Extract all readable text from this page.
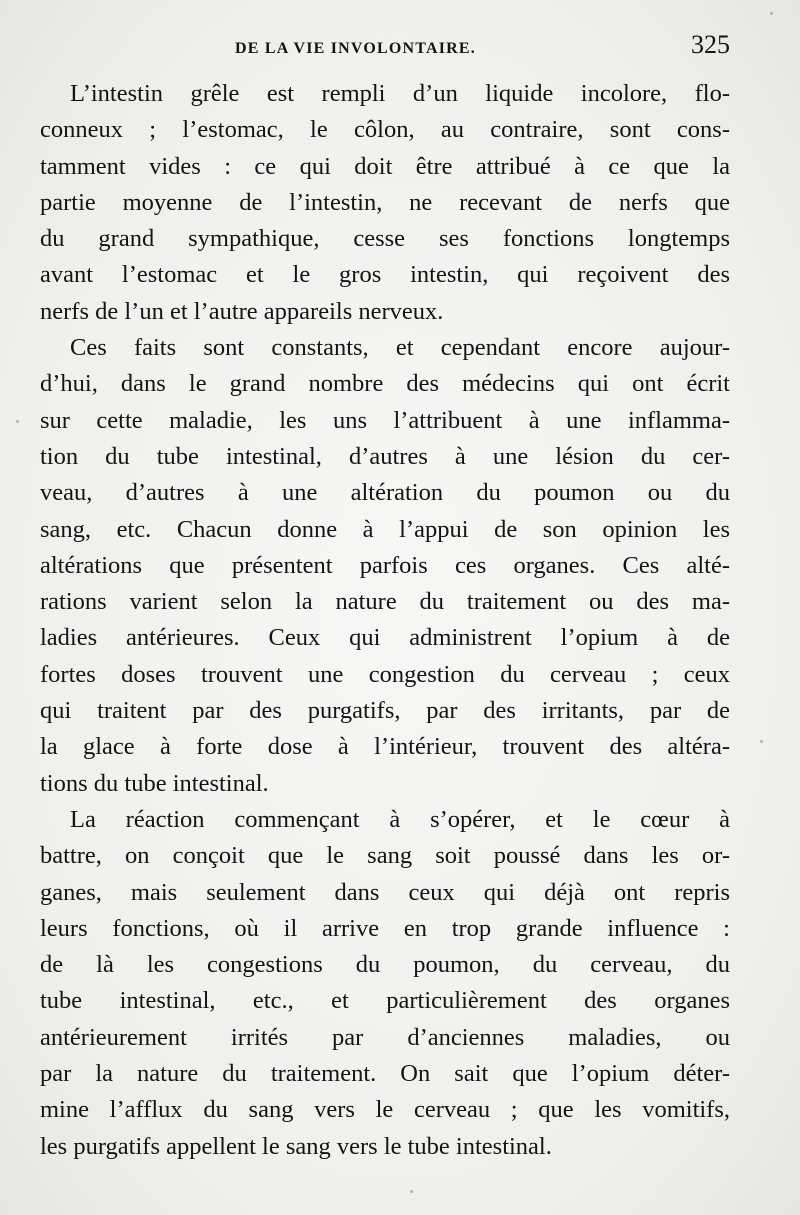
DE LA VIE INVOLONTAIRE.	325
L’intestin grêle est rempli d’un liquide incolore, flo-
conneux ; l’estomac, le côlon, au contraire, sont cons-
tamment vides : ce qui doit être attribué à ce que la
partie moyenne de l’intestin, ne recevant de nerfs que
du grand sympathique, cesse ses fonctions longtemps
avant l’estomac et le gros intestin, qui reçoivent des
nerfs de l’un et l’autre appareils nerveux.
Ces faits sont constants, et cependant encore aujour-
d’hui, dans le grand nombre des médecins qui ont écrit
sur cette maladie, les uns l’attribuent à une inflamma-
tion du tube intestinal, d’autres à une lésion du cer-
veau, d’autres à une altération du poumon ou du
sang, etc. Chacun donne à l’appui de son opinion les
altérations que présentent parfois ces organes. Ces alté-
rations varient selon la nature du traitement ou des ma-
ladies antérieures. Ceux qui administrent l’opium à de
fortes doses trouvent une congestion du cerveau ; ceux
qui traitent par des purgatifs, par des irritants, par de
la glace à forte dose à l’intérieur, trouvent des altéra-
tions du tube intestinal.
La réaction commençant à s’opérer, et le cœur à
battre, on conçoit que le sang soit poussé dans les or-
ganes, mais seulement dans ceux qui déjà ont repris
leurs fonctions, où il arrive en trop grande influence :
de là les congestions du poumon, du cerveau, du
tube intestinal, etc., et particulièrement des organes
antérieurement irrités par d’anciennes maladies, ou
par la nature du traitement. On sait que l’opium déter-
mine l’afflux du sang vers le cerveau ; que les vomitifs,
les purgatifs appellent le sang vers le tube intestinal.
